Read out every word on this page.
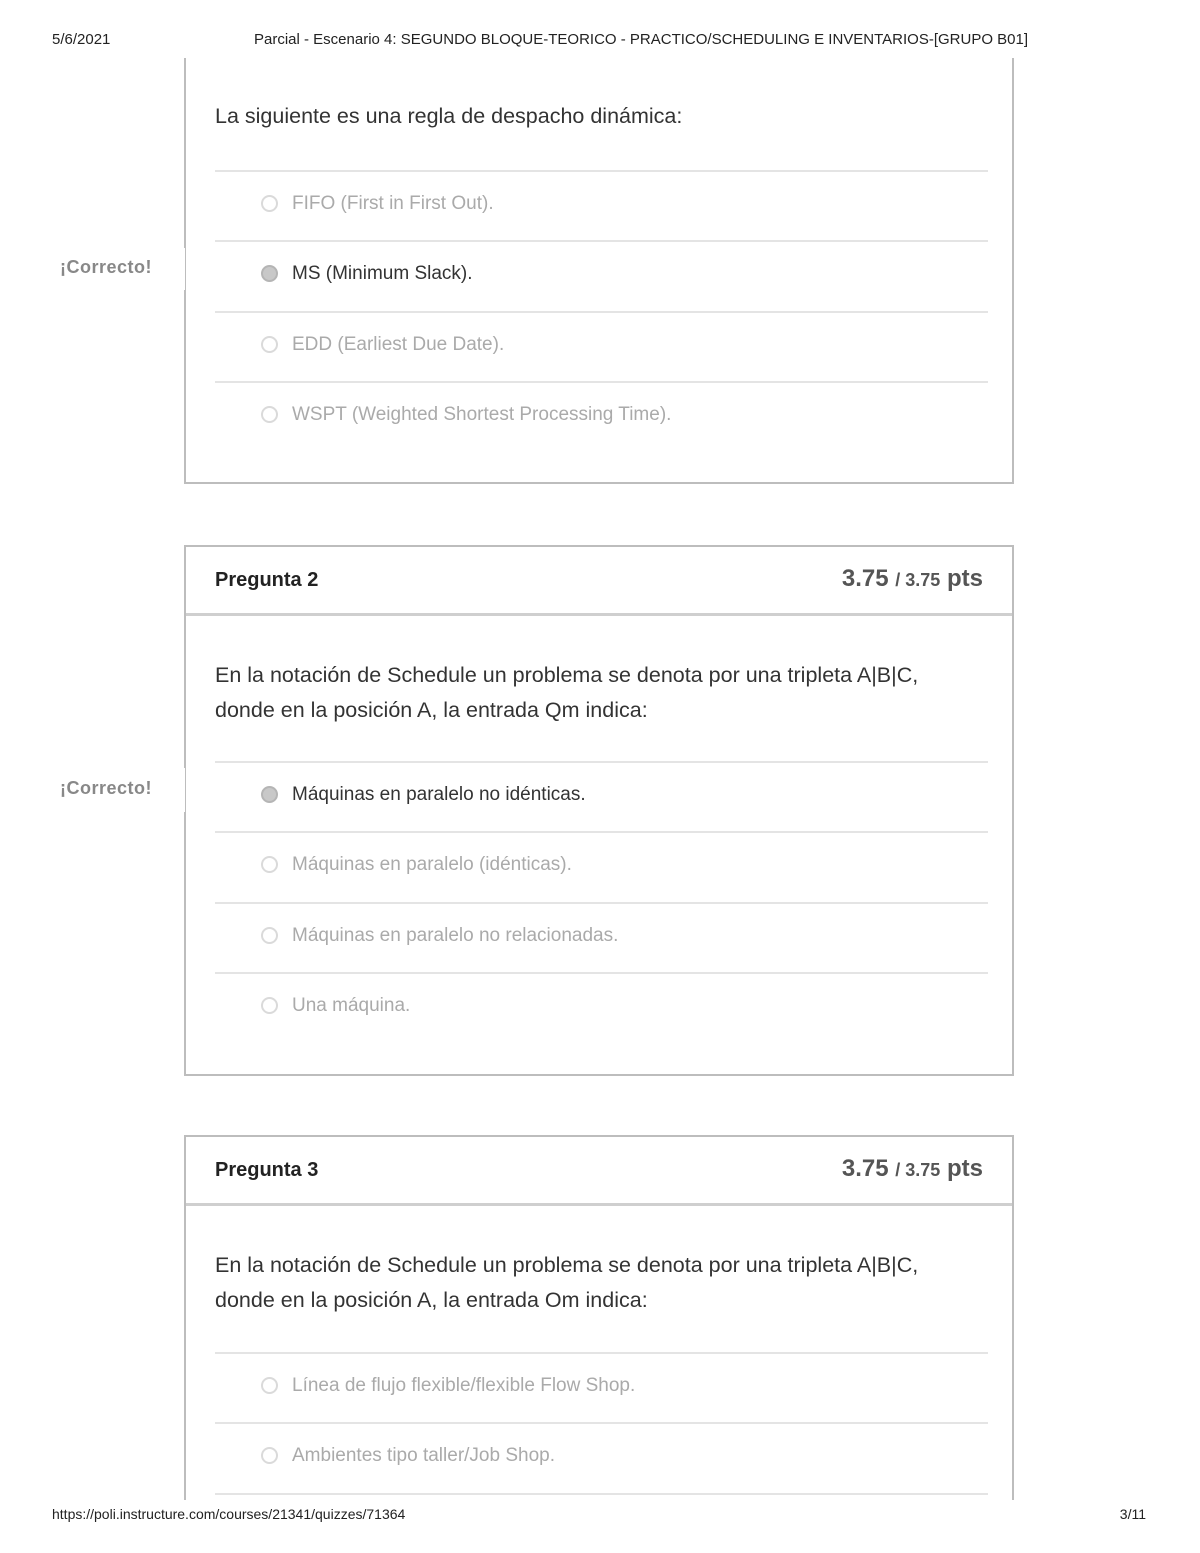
5/6/2021	Parcial - Escenario 4: SEGUNDO BLOQUE-TEORICO - PRACTICO/SCHEDULING E INVENTARIOS-[GRUPO B01]
La siguiente es una regla de despacho dinámica:
FIFO (First in First Out).
MS (Minimum Slack).
EDD (Earliest Due Date).
WSPT (Weighted Shortest Processing Time).
¡Correcto!
Pregunta 2	3.75 / 3.75 pts
En la notación de Schedule un problema se denota por una tripleta A|B|C,
donde en la posición A, la entrada Qm indica:
Máquinas en paralelo no idénticas.
Máquinas en paralelo (idénticas).
Máquinas en paralelo no relacionadas.
Una máquina.
¡Correcto!
Pregunta 3	3.75 / 3.75 pts
En la notación de Schedule un problema se denota por una tripleta A|B|C,
donde en la posición A, la entrada Om indica:
Línea de flujo flexible/flexible Flow Shop.
Ambientes tipo taller/Job Shop.
https://poli.instructure.com/courses/21341/quizzes/71364	3/11
